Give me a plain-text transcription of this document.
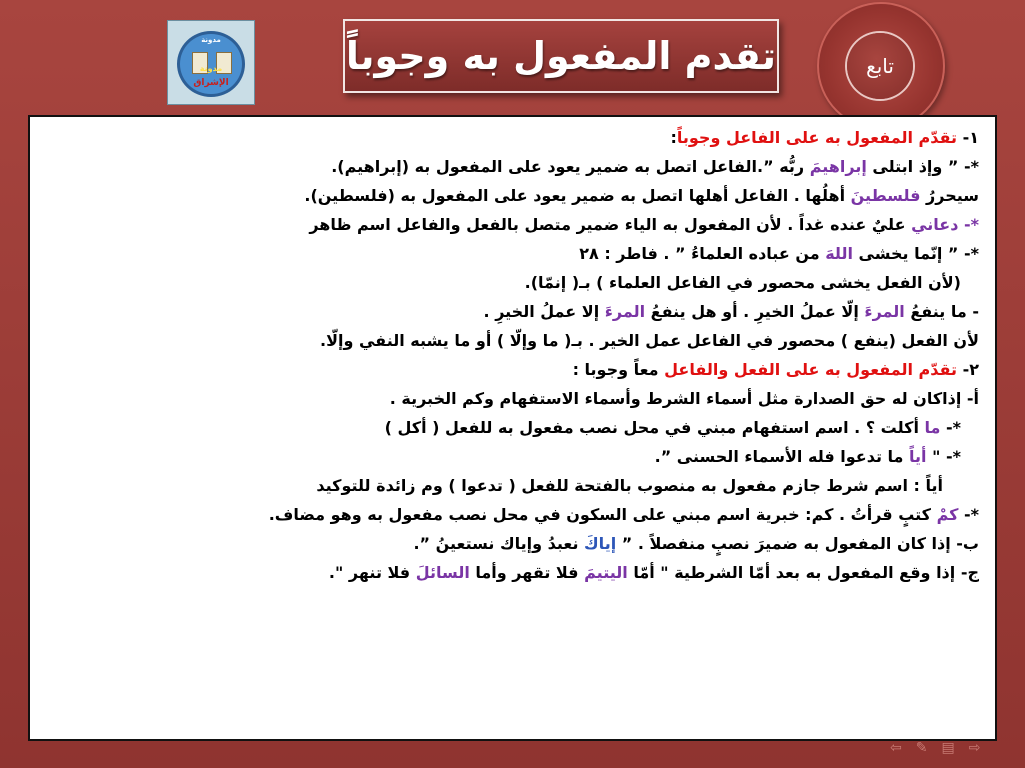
مدونة
مدونة
الإشراق
تقدم المفعول به وجوباً	تابع
١- تقدّم المفعول به على الفاعل وجوباً:
*- ” وإذ ابتلى إبراهيمَ ربُّه ”.الفاعل اتصل به ضمير يعود على المفعول به (إبراهيم).
سيحررُ فلسطينَ أهلُها . الفاعل أهلها اتصل به ضمير يعود على المفعول به (فلسطين).
*- دعاني عليٌ عنده غداً . لأن المفعول به الياء ضمير متصل بالفعل والفاعل اسم ظاهر
*- ” إنّما يخشى اللهَ من عباده العلماءُ ” . فاطر : ٢٨
(لأن الفعل يخشى محصور في الفاعل العلماء ) بـ( إنمّا).
- ما ينفعُ المرءَ إلّا عملُ الخيرِ . أو هل ينفعُ المرءَ إلا عملُ الخيرِ .
لأن الفعل (ينفع ) محصور في الفاعل عمل الخير . بـ( ما وإلّا ) أو ما يشبه النفي وإلّا.
٢- تقدّم المفعول به على الفعل والفاعل معاً وجوبا :
أ- إذاكان له حق الصدارة مثل أسماء الشرط وأسماء الاستفهام وكم الخبرية .
*- ما أكلت ؟ . اسم استفهام مبني في محل نصب مفعول به للفعل ( أكل )
*- " أياً ما تدعوا فله الأسماء الحسنى ”.
أياً : اسم شرط جازم مفعول به منصوب بالفتحة للفعل ( تدعوا ) وم زائدة للتوكيد
*- كمْ كتبٍ قرأتُ . كم: خبرية اسم مبني على السكون في محل نصب مفعول به وهو مضاف.
ب- إذا كان المفعول به ضميرَ نصبٍ منفصلاً . ” إياكَ نعبدُ وإياك نستعينُ ”.
ج- إذا وقع المفعول به بعد أمّا الشرطية " أمّا اليتيمَ فلا تقهر وأما السائلَ فلا تنهر ".
⇦ ✎ ▤ ⇨
